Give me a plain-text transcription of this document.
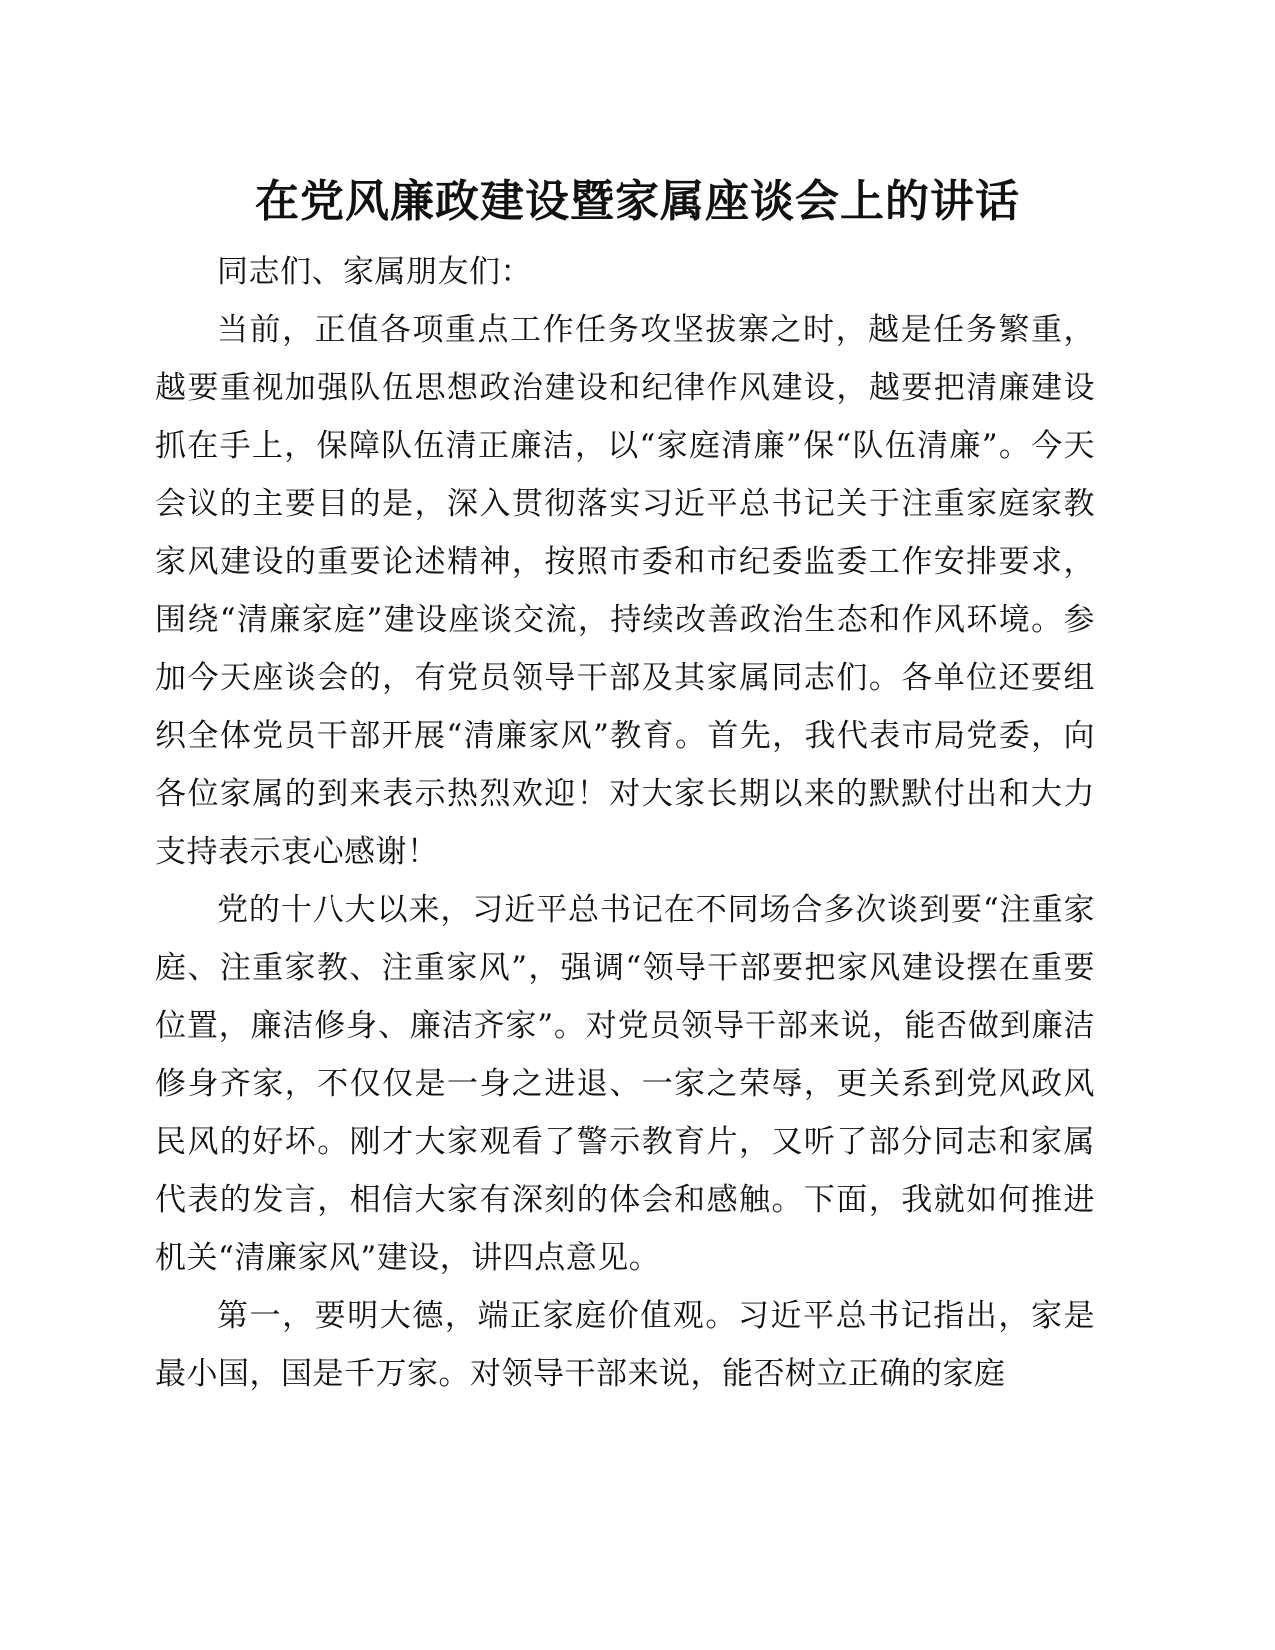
在党风廉政建设暨家属座谈会上的讲话

同志们、家属朋友们：

当前，正值各项重点工作任务攻坚拔寨之时，越是任务繁重，越要重视加强队伍思想政治建设和纪律作风建设，越要把清廉建设抓在手上，保障队伍清正廉洁，以“家庭清廉”保“队伍清廉”。今天会议的主要目的是，深入贯彻落实习近平总书记关于注重家庭家教家风建设的重要论述精神，按照市委和市纪委监委工作安排要求，围绕“清廉家庭”建设座谈交流，持续改善政治生态和作风环境。参加今天座谈会的，有党员领导干部及其家属同志们。各单位还要组织全体党员干部开展“清廉家风”教育。首先，我代表市局党委，向各位家属的到来表示热烈欢迎！对大家长期以来的默默付出和大力支持表示衷心感谢！

党的十八大以来，习近平总书记在不同场合多次谈到要“注重家庭、注重家教、注重家风”，强调“领导干部要把家风建设摆在重要位置，廉洁修身、廉洁齐家”。对党员领导干部来说，能否做到廉洁修身齐家，不仅仅是一身之进退、一家之荣辱，更关系到党风政风民风的好坏。刚才大家观看了警示教育片，又听了部分同志和家属代表的发言，相信大家有深刻的体会和感触。下面，我就如何推进机关“清廉家风”建设，讲四点意见。

第一，要明大德，端正家庭价值观。习近平总书记指出，家是最小国，国是千万家。对领导干部来说，能否树立正确的家庭
